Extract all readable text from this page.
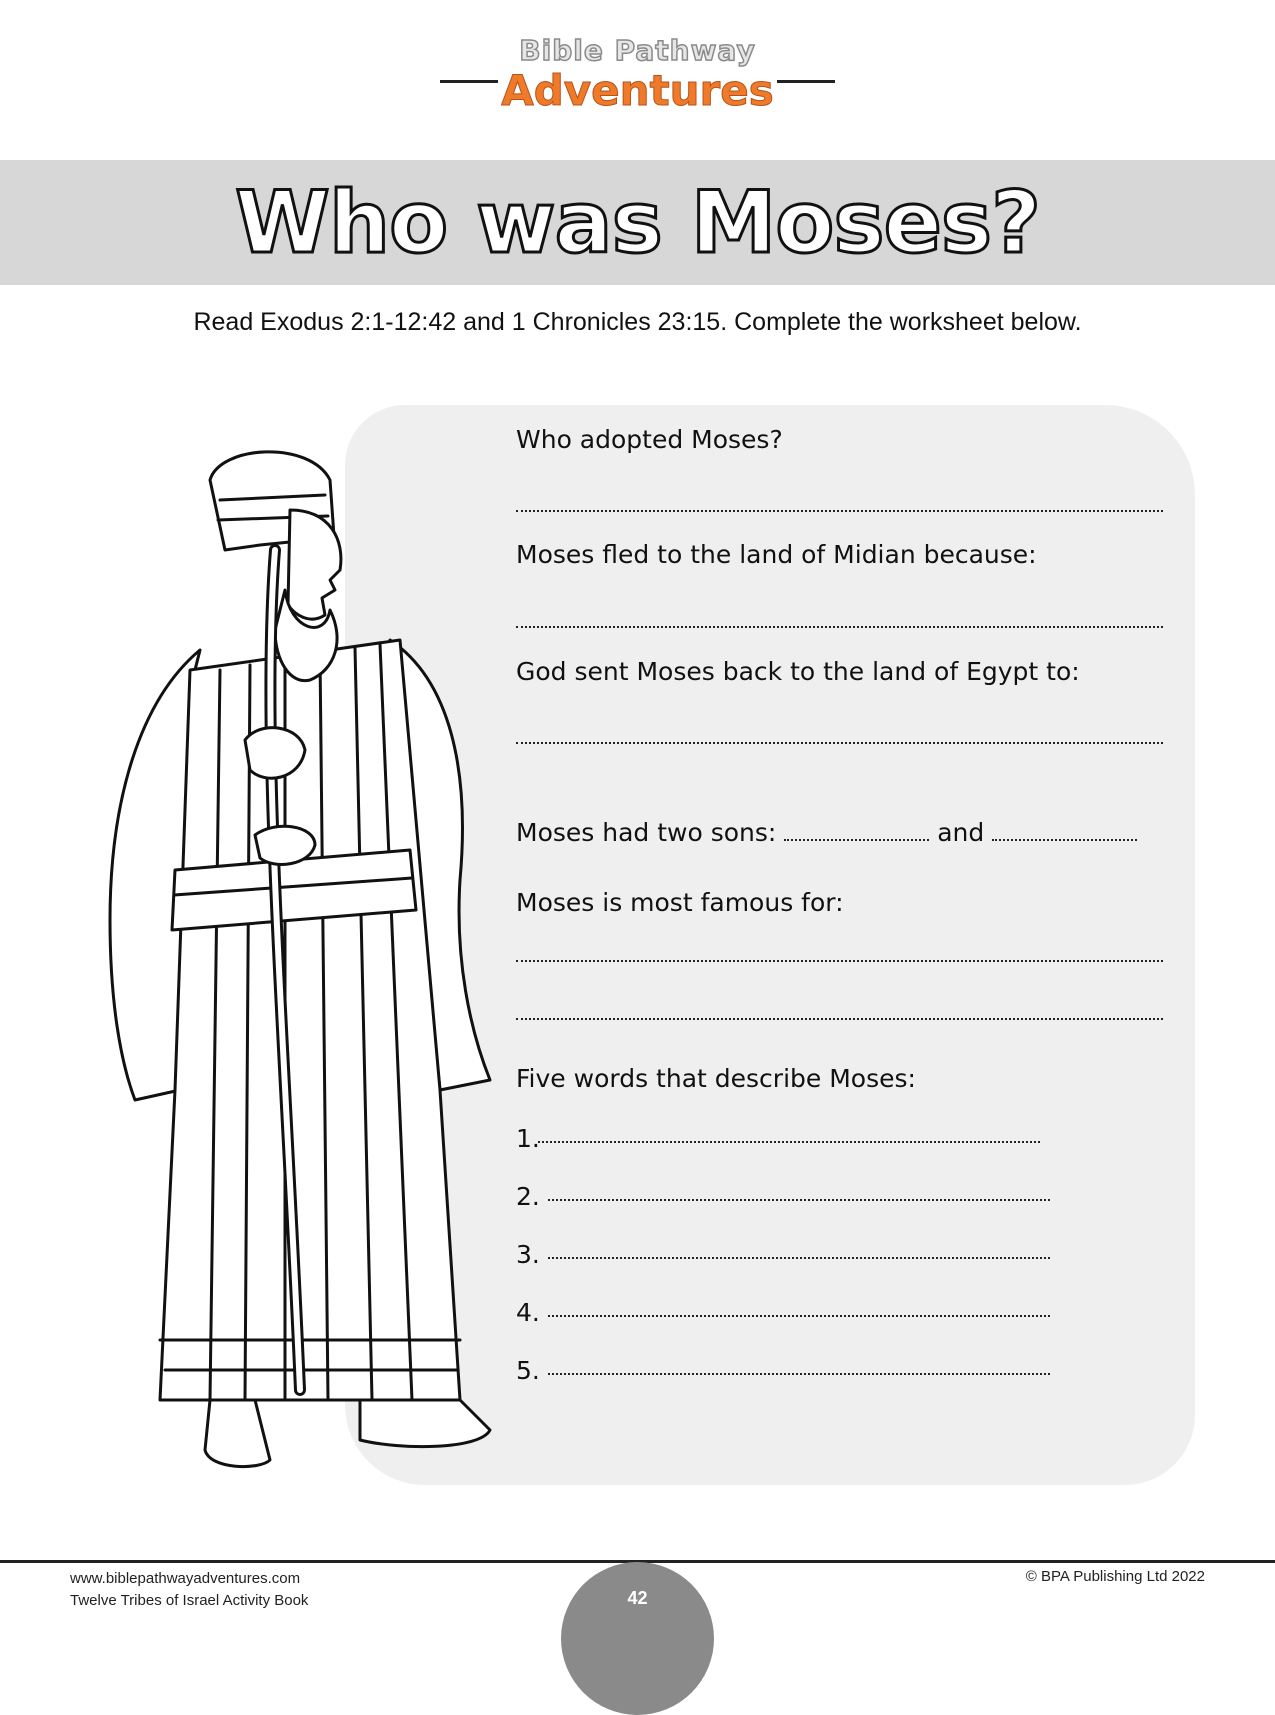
Bible Pathway
Adventures
Who was Moses?
Read Exodus 2:1-12:42 and 1 Chronicles 23:15. Complete the worksheet below.
Who adopted Moses?
Moses fled to the land of Midian because:
God sent Moses back to the land of Egypt to:
Moses had two sons:	and
Moses is most famous for:
Five words that describe Moses:
1.
2.
3.
4.
5.
www.biblepathwayadventures.com
Twelve Tribes of Israel Activity Book
© BPA Publishing Ltd 2022
42
